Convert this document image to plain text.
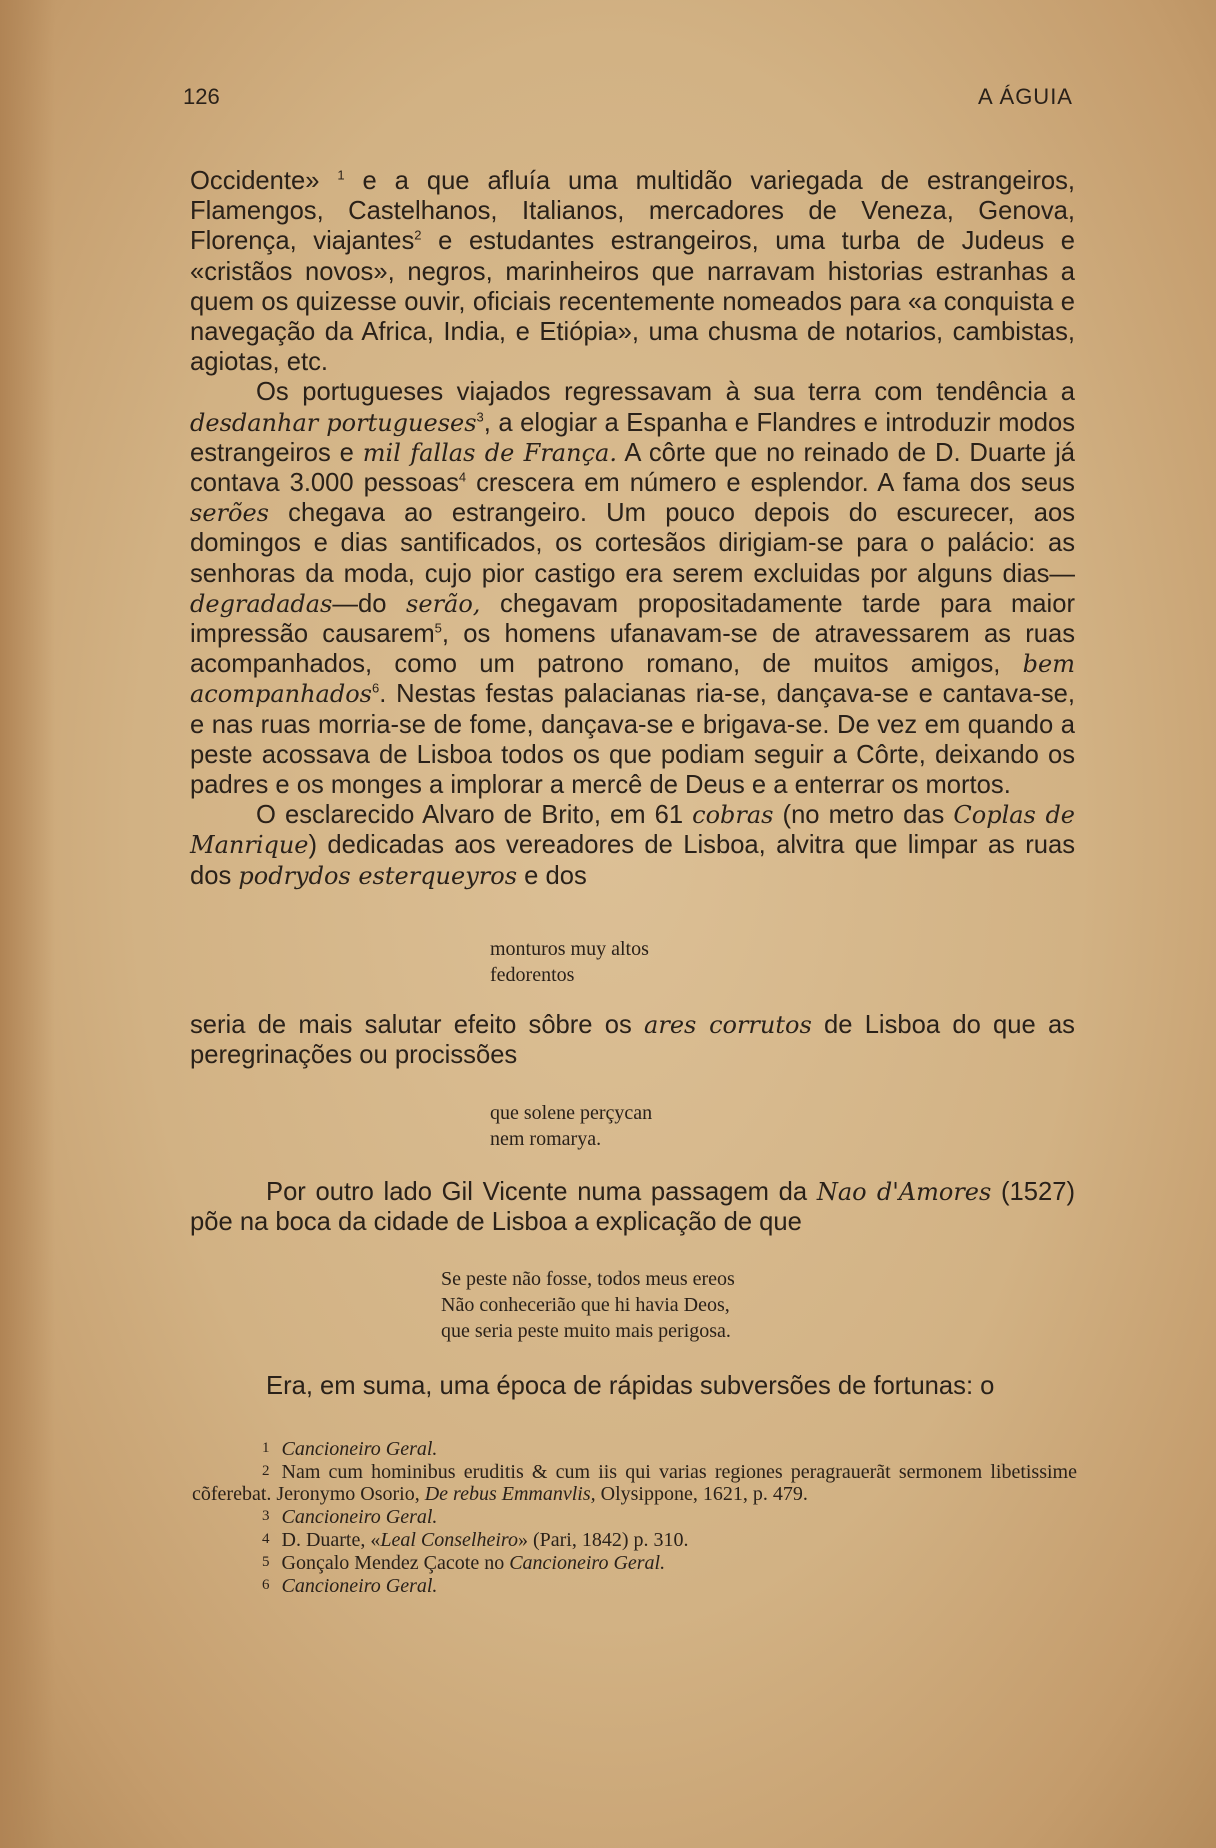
126	A ÁGUIA

Occidente» $^1$ e a que afluía uma multidão variegada de estrangeiros, Flamengos, Castelhanos, Italianos, mercadores de Veneza, Genova, Florença, viajantes$^2$ e estudantes estrangeiros, uma turba de Judeus e «cristãos novos», negros, marinheiros que narravam historias estranhas a quem os quizesse ouvir, oficiais recentemente nomeados para «a conquista e navegação da Africa, India, e Etiópia», uma chusma de notarios, cambistas, agiotas, etc.

Os portugueses viajados regressavam à sua terra com tendência a desdanhar portugueses$^3$, a elogiar a Espanha e Flandres e introduzir modos estrangeiros e mil fallas de França. A côrte que no reinado de D. Duarte já contava 3.000 pessoas$^4$ crescera em número e esplendor. A fama dos seus serões chegava ao estrangeiro. Um pouco depois do escurecer, aos domingos e dias santificados, os cortesãos dirigiam-se para o palácio: as senhoras da moda, cujo pior castigo era serem excluidas por alguns dias—degradadas—do serão, chegavam propositadamente tarde para maior impressão causarem$^5$, os homens ufanavam-se de atravessarem as ruas acompanhados, como um patrono romano, de muitos amigos, bem acompanhados$^6$. Nestas festas palacianas ria-se, dançava-se e cantava-se, e nas ruas morria-se de fome, dançava-se e brigava-se. De vez em quando a peste acossava de Lisboa todos os que podiam seguir a Côrte, deixando os padres e os monges a implorar a mercê de Deus e a enterrar os mortos.

O esclarecido Alvaro de Brito, em 61 cobras (no metro das Coplas de Manrique) dedicadas aos vereadores de Lisboa, alvitra que limpar as ruas dos podrydos esterqueyros e dos

monturos muy altos
fedorentos
seria de mais salutar efeito sôbre os ares corrutos de Lisboa do que as peregrinações ou procissões
que solene perçycan
nem romarya.
Por outro lado Gil Vicente numa passagem da Nao d'Amores (1527) põe na boca da cidade de Lisboa a explicação de que
Se peste não fosse, todos meus ereos
Não conhecerião que hi havia Deos,
que seria peste muito mais perigosa.
Era, em suma, uma época de rápidas subversões de fortunas: o

1 Cancioneiro Geral.

2 Nam cum hominibus eruditis & cum iis qui varias regiones peragrauerãt sermonem libetissime cõferebat. Jeronymo Osorio, De rebus Emmanvlis, Olysippone, 1621, p. 479.

3 Cancioneiro Geral.

4 D. Duarte, «Leal Conselheiro» (Pari, 1842) p. 310.

5 Gonçalo Mendez Çacote no Cancioneiro Geral.

6 Cancioneiro Geral.
